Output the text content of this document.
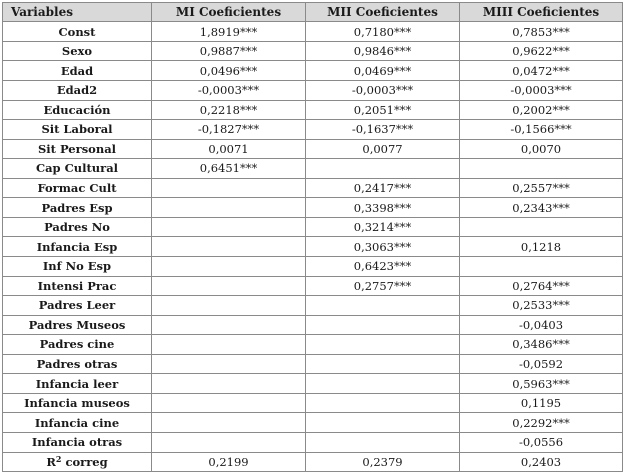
Variables	MI Coeficientes	MII Coeficientes	MIII Coeficientes
Const	1,8919***	0,7180***	0,7853***
Sexo	0,9887***	0,9846***	0,9622***
Edad	0,0496***	0,0469***	0,0472***
Edad2	-0,0003***	-0,0003***	-0,0003***
Educación	0,2218***	0,2051***	0,2002***
Sit Laboral	-0,1827***	-0,1637***	-0,1566***
Sit Personal	0,0071	0,0077	0,0070
Cap Cultural	0,6451***		
Formac Cult		0,2417***	0,2557***
Padres Esp		0,3398***	0,2343***
Padres No		0,3214***	
Infancia Esp		0,3063***	0,1218
Inf No Esp		0,6423***	
Intensi Prac		0,2757***	0,2764***
Padres Leer			0,2533***
Padres Museos			-0,0403
Padres cine			0,3486***
Padres otras			-0,0592
Infancia leer			0,5963***
Infancia museos			0,1195
Infancia cine			0,2292***
Infancia otras			-0,0556
$R^2$ correg	0,2199	0,2379	0,2403
